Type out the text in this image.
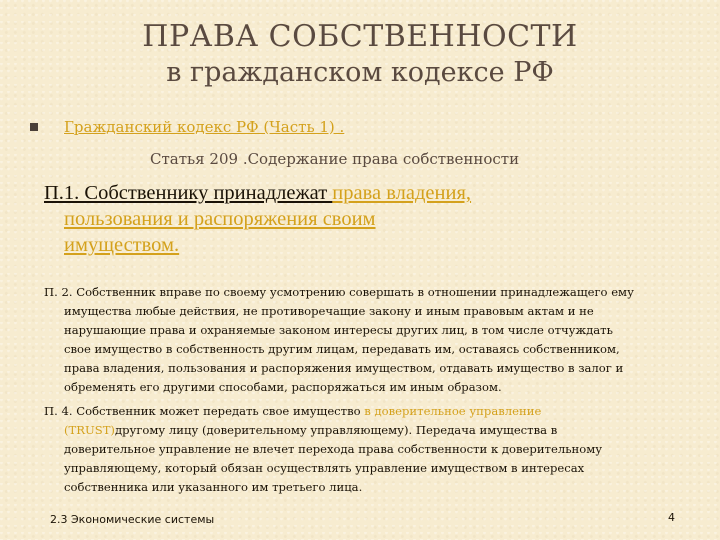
ПРАВА СОБСТВЕННОСТИ
в гражданском кодексе РФ
Гражданский кодекс РФ (Часть 1) .
Статья 209 .Содержание права собственности
П.1. Собственнику принадлежат права владения,
пользования и распоряжения своим
имуществом.
П. 2. Собственник вправе по своему усмотрению совершать в отношении принадлежащего ему
имущества любые действия, не противоречащие закону и иным правовым актам и не
нарушающие права и охраняемые законом интересы других лиц, в том числе отчуждать
свое имущество в собственность другим лицам, передавать им, оставаясь собственником,
права владения, пользования и распоряжения имуществом, отдавать имущество в залог и
обременять его другими способами, распоряжаться им иным образом.
П. 4. Собственник может передать свое имущество в доверительное управление
(TRUST)другому лицу (доверительному управляющему). Передача имущества в
доверительное управление не влечет перехода права собственности к доверительному
управляющему, который обязан осуществлять управление имуществом в интересах
собственника или указанного им третьего лица.
2.3 Экономические системы	4
